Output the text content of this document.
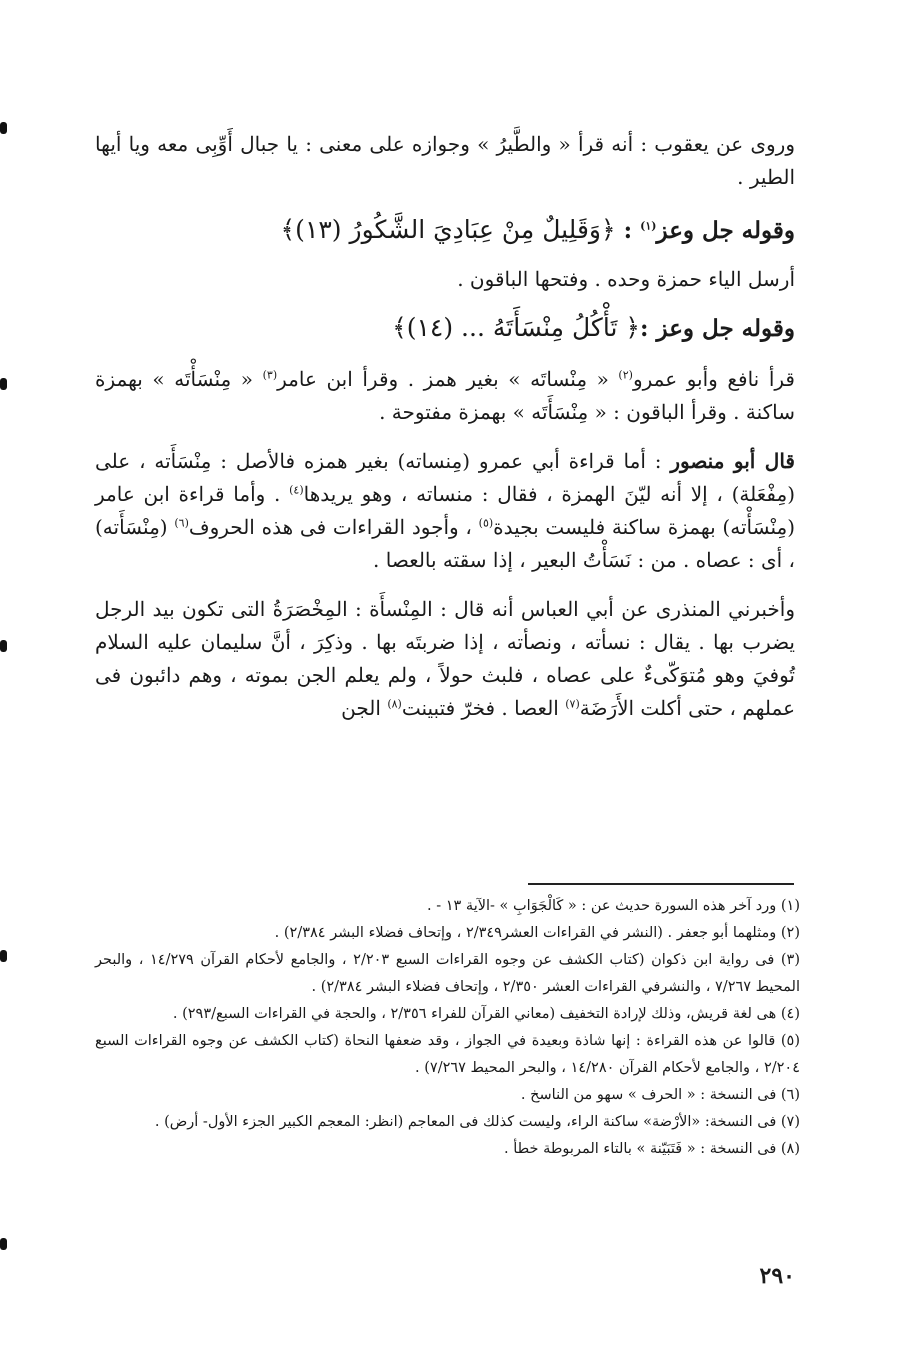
وروى عن يعقوب : أنه قرأ « والطَّيرُ » وجوازه على معنى : يا جبال أَوِّبِى معه ويا أيها الطير .

وقوله جل وعز$^{(١)}$ : ﴿وَقَلِيلٌ مِنْ عِبَادِيَ الشَّكُورُ (١٣)﴾

أرسل الياء حمزة وحده . وفتحها الباقون .

وقوله جل وعز :﴿ تَأْكُلُ مِنْسَأَتَهُ ... (١٤)﴾

قرأ نافع وأبو عمرو$^{(٢)}$ « مِنْساتَه » بغير همز . وقرأ ابن عامر$^{(٣)}$ « مِنْسَأْتَه » بهمزة ساكنة . وقرأ الباقون : « مِنْسَأَتَه » بهمزة مفتوحة .

قال أبو منصور : أما قراءة أبي عمرو (مِنساته) بغير همزه فالأصل : مِنْسَأَته ، على (مِفْعَلة) ، إلا أنه ليّنَ الهمزة ، فقال : منساته ، وهو يريدها$^{(٤)}$ . وأما قراءة ابن عامر (مِنْسَأْته) بهمزة ساكنة فليست بجيدة$^{(٥)}$ ، وأجود القراءات فى هذه الحروف$^{(٦)}$ (مِنْسَأَته) ، أى : عصاه . من : نَسَأْتُ البعير ، إذا سقته بالعصا .

وأخبرني المنذرى عن أبي العباس أنه قال : المِنْسأَة : المِخْصَرَةُ التى تكون بيد الرجل يضرب بها . يقال : نسأته ، ونصأته ، إذا ضربتَه بها . وذكِرَ ، أنَّ سليمان عليه السلام تُوفيَ وهو مُتوَكّىءٌ على عصاه ، فلبث حولاً ، ولم يعلم الجن بموته ، وهم دائبون فى عملهم ، حتى أكلت الأَرَضَة$^{(٧)}$ العصا . فخرّ فتبينت$^{(٨)}$ الجن

(١) ورد آخر هذه السورة حديث عن : « كَالْجَوَابِ » -الآية ١٣ - .

(٢) ومثلهما أبو جعفر . (النشر في القراءات العشر٢/٣٤٩ ، وإتحاف فضلاء البشر ٢/٣٨٤) .

(٣) فى رواية ابن ذكوان (كتاب الكشف عن وجوه القراءات السبع ٢/٢٠٣ ، والجامع لأحكام القرآن ١٤/٢٧٩ ، والبحر المحيط ٧/٢٦٧ ، والنشرفي القراءات العشر ٢/٣٥٠ ، وإتحاف فضلاء البشر ٢/٣٨٤) .

(٤) هى لغة قريش، وذلك لإرادة التخفيف (معاني القرآن للفراء ٢/٣٥٦ ، والحجة في القراءات السبع/٢٩٣) .

(٥) قالوا عن هذه القراءة : إنها شاذة وبعيدة في الجواز ، وقد ضعفها النحاة (كتاب الكشف عن وجوه القراءات السبع ٢/٢٠٤ ، والجامع لأحكام القرآن ١٤/٢٨٠ ، والبحر المحيط ٧/٢٦٧) .

(٦) فى النسخة : « الحرف » سهو من الناسخ .

(٧) فى النسخة: «الأرْضة» ساكنة الراء، وليست كذلك فى المعاجم (انظر: المعجم الكبير الجزء الأول- أرض) .

(٨) فى النسخة : « فَتَبَيّنة » بالتاء المربوطة خطأ .

٢٩٠
